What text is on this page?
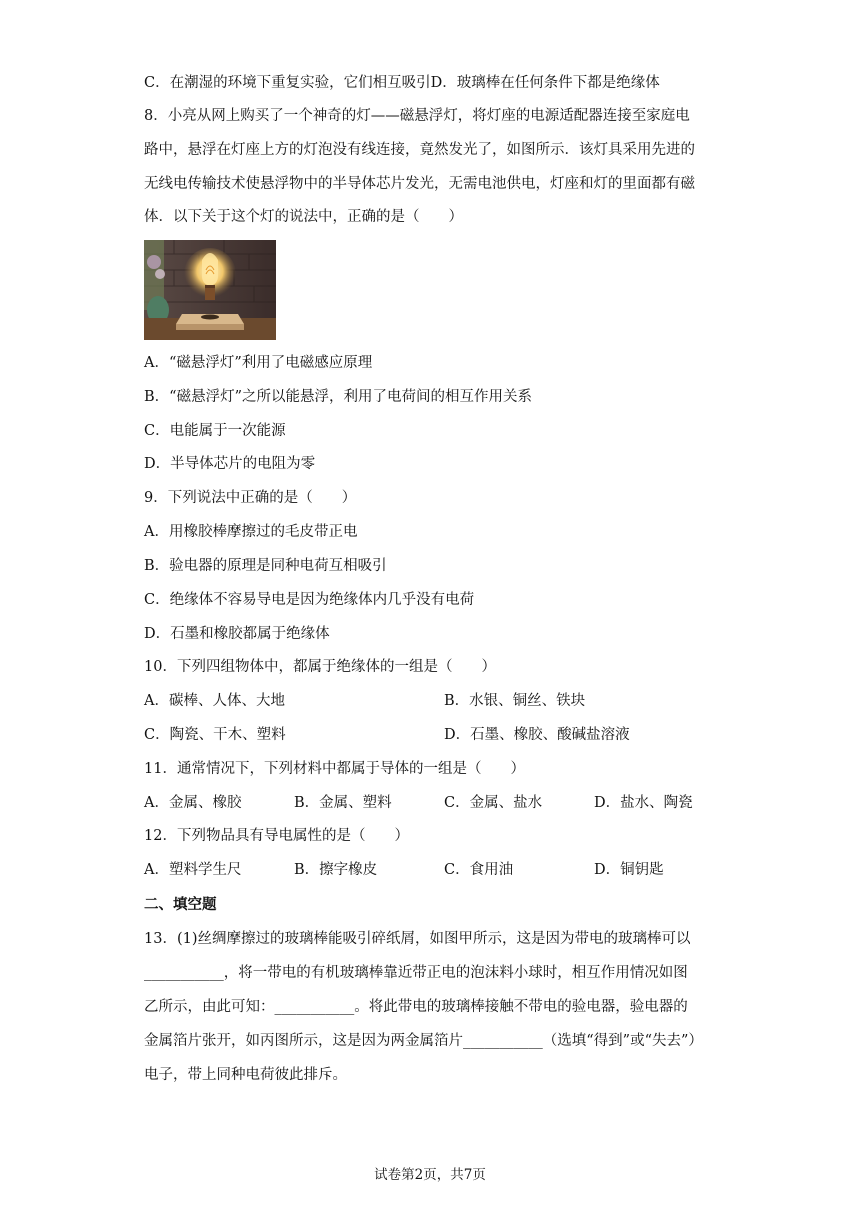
C．在潮湿的环境下重复实验，它们相互吸引D．玻璃棒在任何条件下都是绝缘体
8．小亮从网上购买了一个神奇的灯——磁悬浮灯，将灯座的电源适配器连接至家庭电
路中，悬浮在灯座上方的灯泡没有线连接，竟然发光了，如图所示．该灯具采用先进的
无线电传输技术使悬浮物中的半导体芯片发光，无需电池供电，灯座和灯的里面都有磁
体．以下关于这个灯的说法中，正确的是（　　）
A．“磁悬浮灯”利用了电磁感应原理
B．“磁悬浮灯”之所以能悬浮，利用了电荷间的相互作用关系
C．电能属于一次能源
D．半导体芯片的电阻为零
9．下列说法中正确的是（　　）
A．用橡胶棒摩擦过的毛皮带正电
B．验电器的原理是同种电荷互相吸引
C．绝缘体不容易导电是因为绝缘体内几乎没有电荷
D．石墨和橡胶都属于绝缘体
10．下列四组物体中，都属于绝缘体的一组是（　　）
A．碳棒、人体、大地	B．水银、铜丝、铁块
C．陶瓷、干木、塑料	D．石墨、橡胶、酸碱盐溶液
11．通常情况下，下列材料中都属于导体的一组是（　　）
A．金属、橡胶	B．金属、塑料	C．金属、盐水	D．盐水、陶瓷
12．下列物品具有导电属性的是（　　）
A．塑料学生尺	B．擦字橡皮	C．食用油	D．铜钥匙
二、填空题
13．(1)丝绸摩擦过的玻璃棒能吸引碎纸屑，如图甲所示，这是因为带电的玻璃棒可以
___________，将一带电的有机玻璃棒靠近带正电的泡沫料小球时，相互作用情况如图
乙所示，由此可知：___________。将此带电的玻璃棒接触不带电的验电器，验电器的
金属箔片张开，如丙图所示，这是因为两金属箔片___________（选填“得到”或“失去”）
电子，带上同种电荷彼此排斥。
试卷第2页，共7页
